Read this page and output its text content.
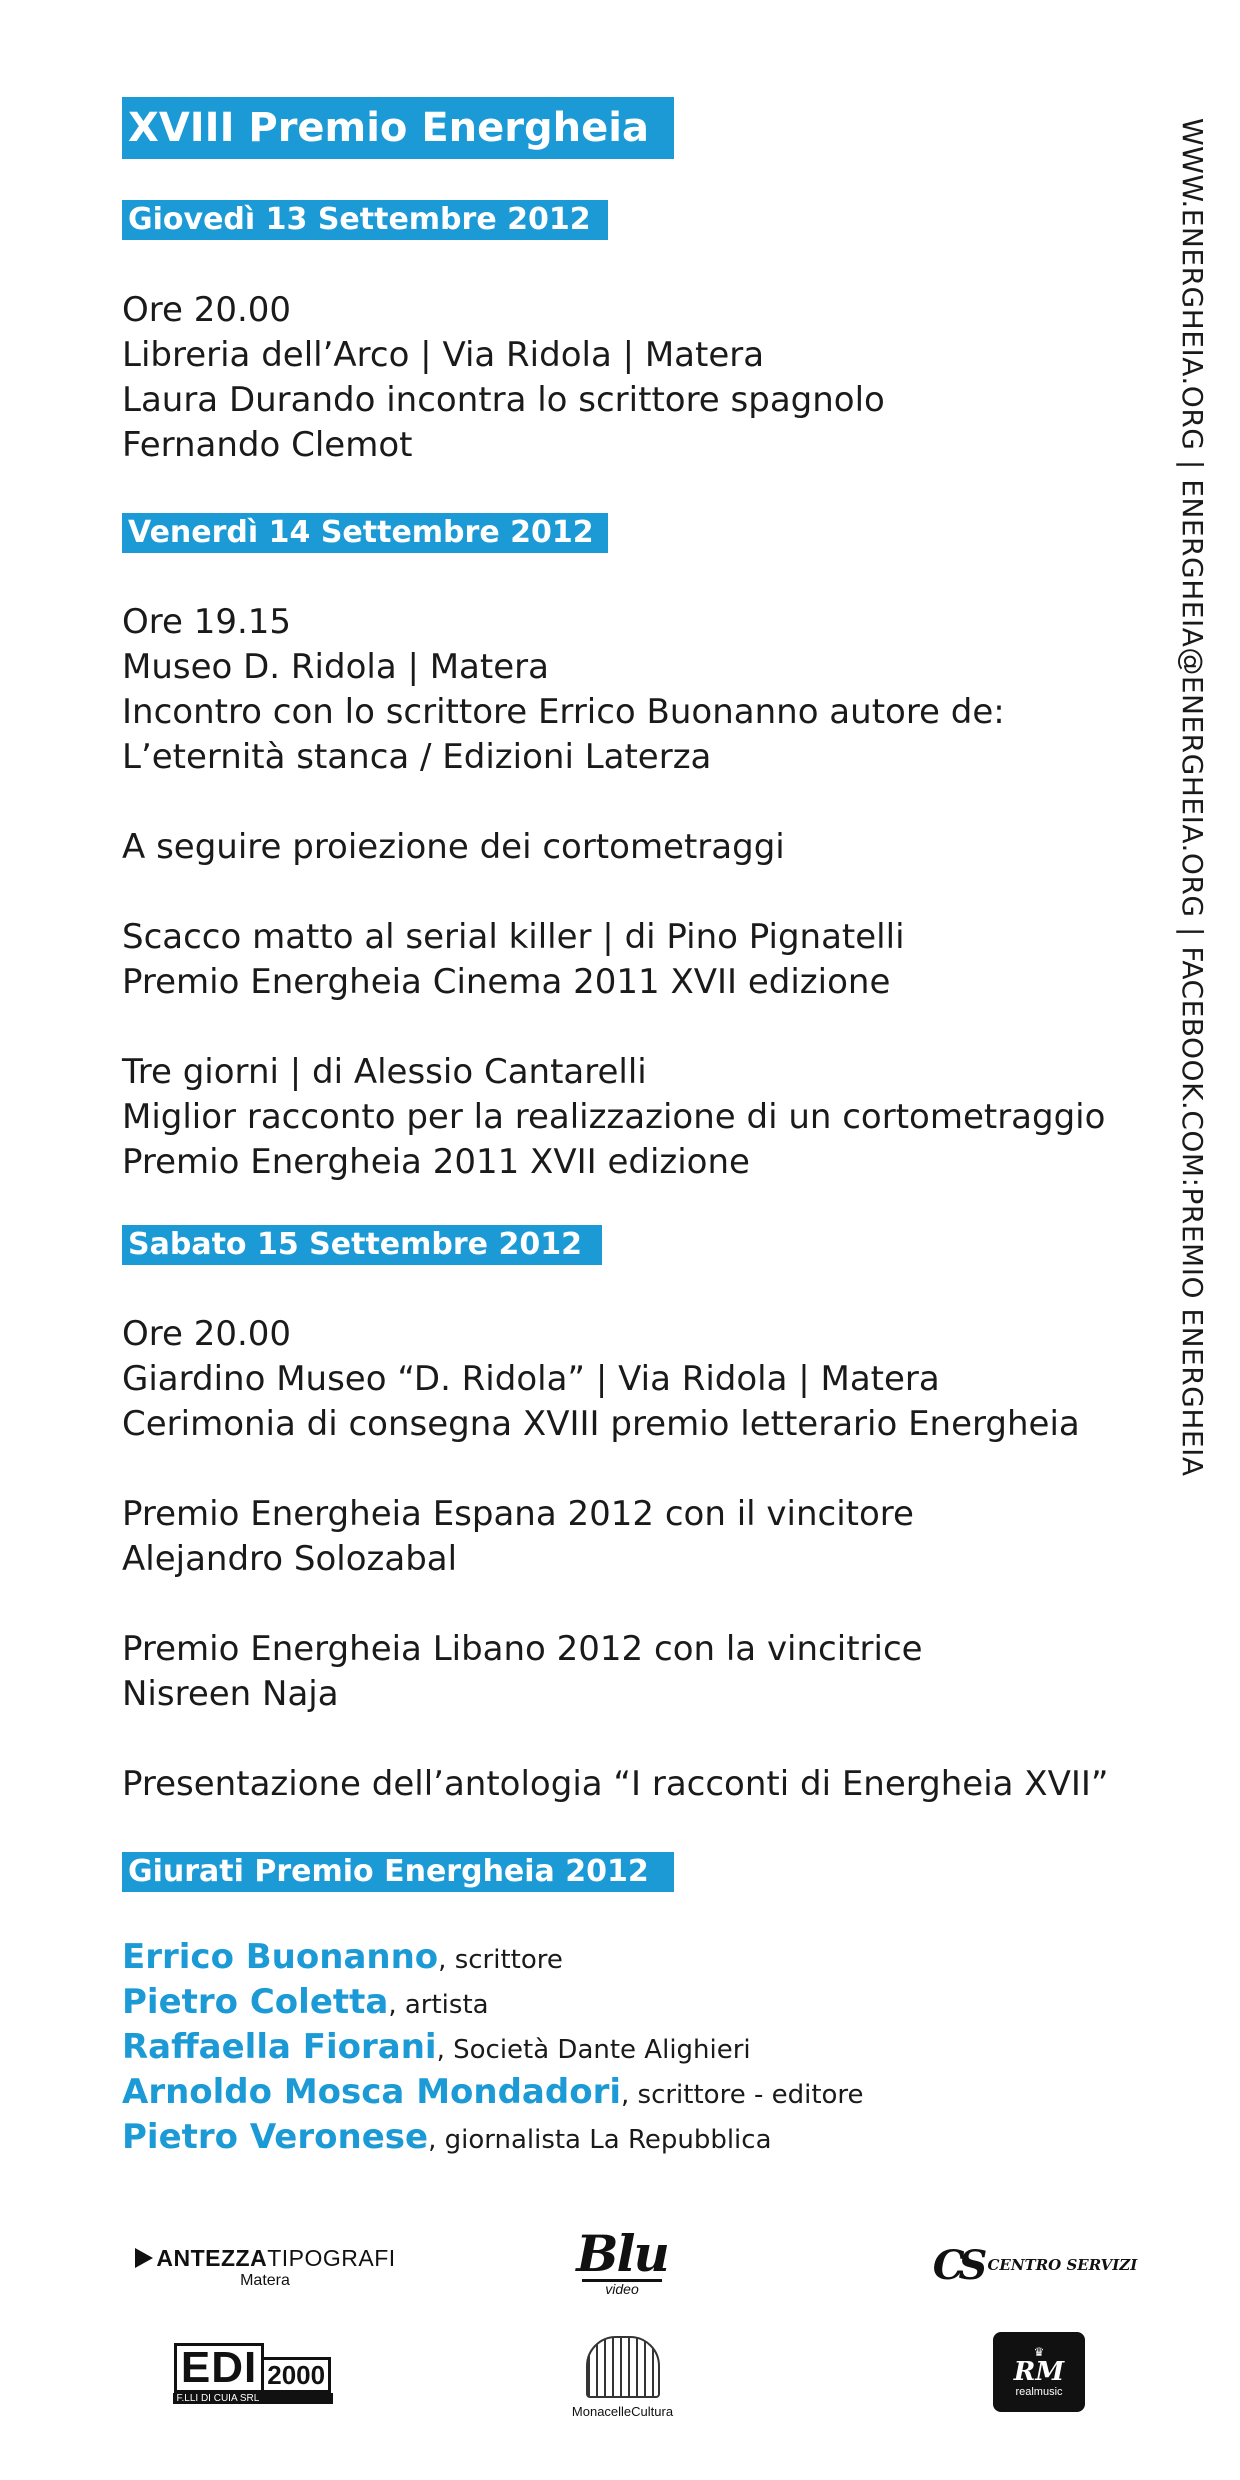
XVIII Premio Energheia
Giovedì 13 Settembre 2012
Ore 20.00
Libreria dell’Arco | Via Ridola | Matera
Laura Durando incontra lo scrittore spagnolo
Fernando Clemot
Venerdì 14 Settembre 2012
Ore 19.15
Museo D. Ridola | Matera
Incontro con lo scrittore Errico Buonanno autore de:
L’eternità stanca / Edizioni Laterza
A seguire proiezione dei cortometraggi
Scacco matto al serial killer | di Pino Pignatelli
Premio Energheia Cinema 2011 XVII edizione
Tre giorni | di Alessio Cantarelli
Miglior racconto per la realizzazione di un cortometraggio
Premio Energheia 2011 XVII edizione
Sabato 15 Settembre 2012
Ore 20.00
Giardino Museo “D. Ridola” | Via Ridola | Matera
Cerimonia di consegna XVIII premio letterario Energheia
Premio Energheia Espana 2012 con il vincitore
Alejandro Solozabal
Premio Energheia Libano 2012 con la vincitrice
Nisreen Naja
Presentazione dell’antologia “I racconti di Energheia XVII”
Giurati Premio Energheia 2012
Errico Buonanno, scrittore
Pietro Coletta, artista
Raffaella Fiorani, Società Dante Alighieri
Arnoldo Mosca Mondadori, scrittore - editore
Pietro Veronese, giornalista La Repubblica
WWW.ENERGHEIA.ORG | ENERGHEIA@ENERGHEIA.ORG | FACEBOOK.COM:PREMIO ENERGHEIA
ANTEZZA TIPOGRAFI
Matera	Blu
video	CS CENTRO SERVIZI
EDI 2000
F.LLI DI CUIA SRL
MonacelleCultura
♛
RM
realmusic
